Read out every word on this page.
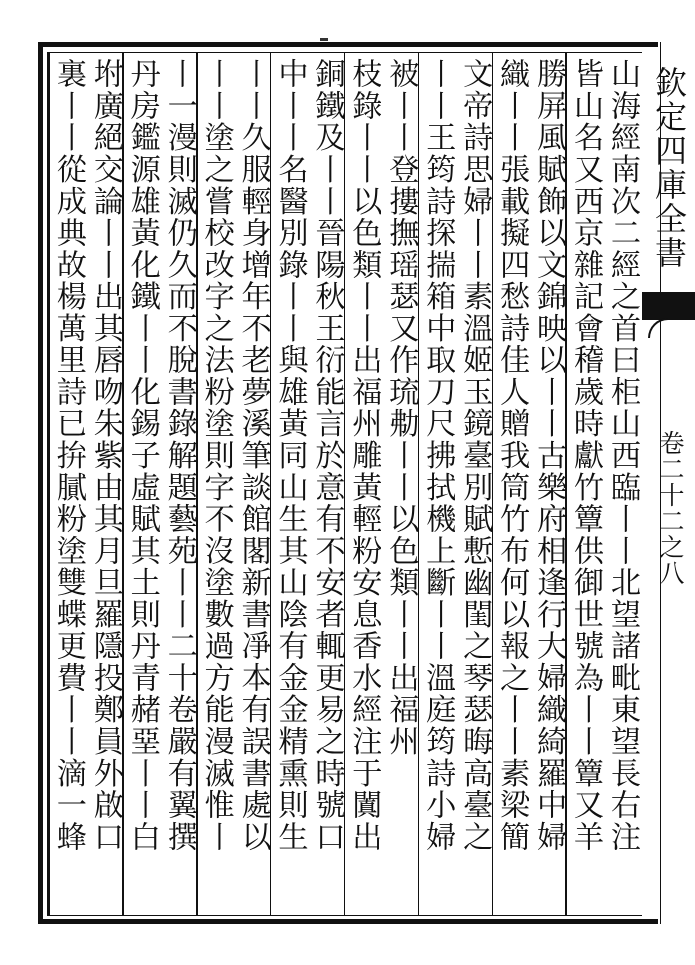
欽定四庫全書
卷二十二之八
山海經南次二經之首曰柜山西臨丨丨北望諸毗東望長右注
皆山名又西京雜記會稽歲時獻竹簟供御世號為丨丨簟又羊
勝屏風賦飾以文錦映以丨丨古樂府相逢行大婦織綺羅中婦
織丨丨張載擬四愁詩佳人贈我筒竹布何以報之丨丨素梁簡
文帝詩思婦丨丨素溫姬玉鏡臺別賦慙幽閨之琴瑟晦高臺之
丨丨王筠詩探揣箱中取刀尺拂拭機上斷丨丨溫庭筠詩小婦
被丨丨登摟撫瑶瑟又作琉㔗丨丨以色類丨丨出福州
枝錄丨丨以色類丨丨出福州雕黃輕粉安息香水經注于闐出
銅鐵及丨丨晉陽秋王衍能言於意有不安者輒更易之時號口
中丨丨名醫別錄丨丨與雄黃同山生其山陰有金金精熏則生
丨丨久服輕身增年不老夢溪筆談館閣新書凈本有誤書處以
丨丨塗之嘗校改字之法粉塗則字不沒塗數過方能漫滅惟丨
丨一漫則滅仍久而不脫書錄解題藝苑丨丨二十卷嚴有翼撰
丹房鑑源雄黃化鐵丨丨化錫子虛賦其土則丹青赭堊丨丨白
坿廣絕交論丨丨出其唇吻朱紫由其月旦羅隱投鄭員外啟口
裏丨丨從成典故楊萬里詩已拚膩粉塗雙蝶更費丨丨滴一蜂
